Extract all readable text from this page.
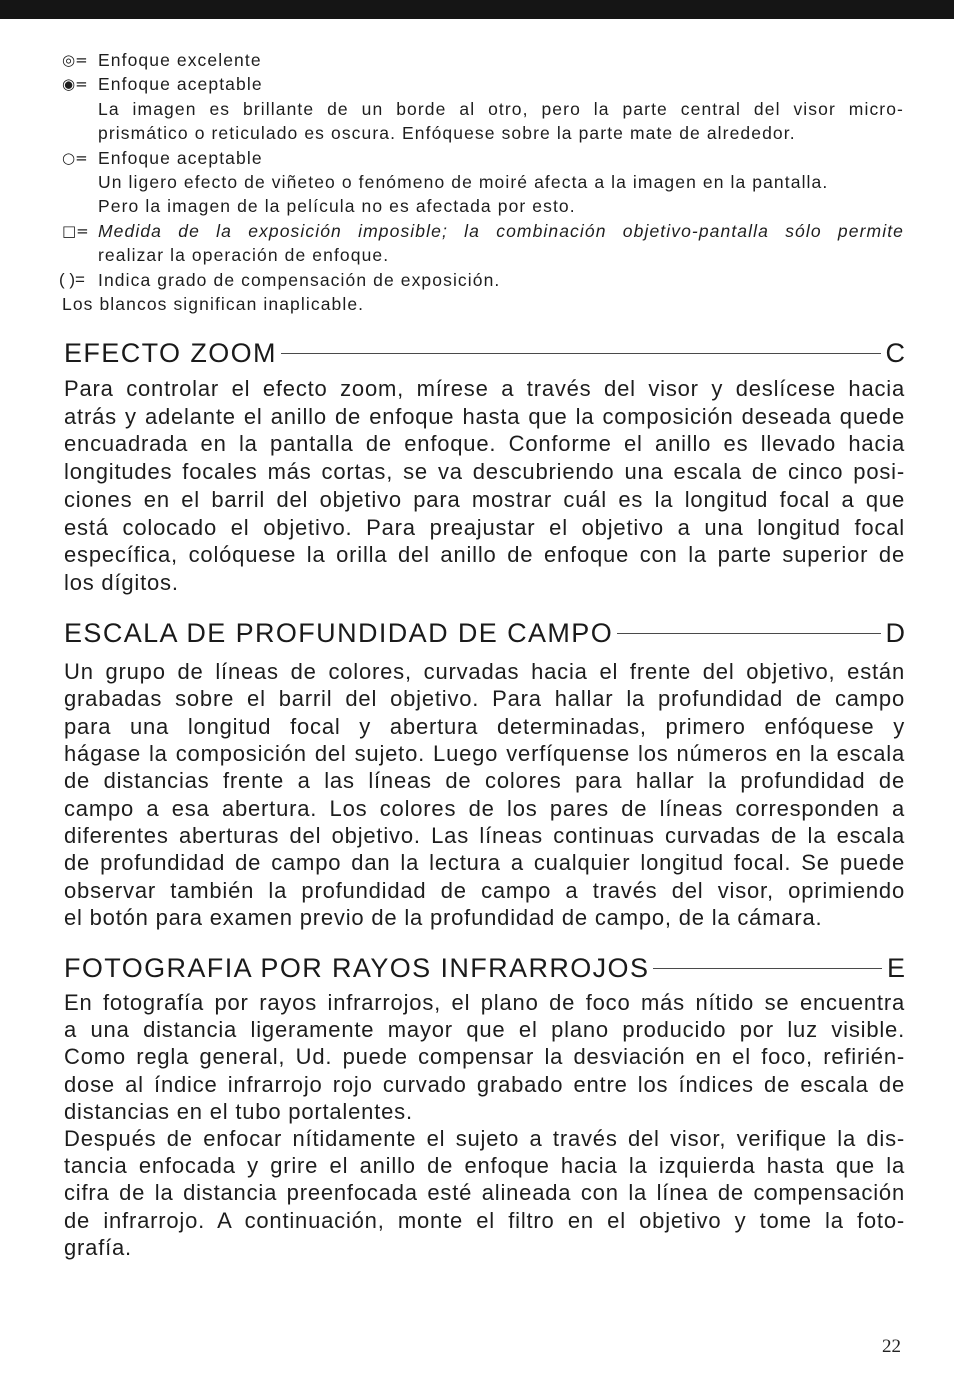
◎= Enfoque excelente
◉= Enfoque aceptable
La imagen es brillante de un borde al otro, pero la parte central del visor micro-
prismático o reticulado es oscura. Enfóquese sobre la parte mate de alrededor.
○= Enfoque aceptable
Un ligero efecto de viñeteo o fenómeno de moiré afecta a la imagen en la pantalla.
Pero la imagen de la película no es afectada por esto.
□= Medida de la exposición imposible; la combinación objetivo-pantalla sólo permite
realizar la operación de enfoque.
( )= Indica grado de compensación de exposición.
Los blancos significan inaplicable.
EFECTO ZOOM	C
Para controlar el efecto zoom, mírese a través del visor y deslícese hacia
atrás y adelante el anillo de enfoque hasta que la composición deseada quede
encuadrada en la pantalla de enfoque. Conforme el anillo es llevado hacia
longitudes focales más cortas, se va descubriendo una escala de cinco posi-
ciones en el barril del objetivo para mostrar cuál es la longitud focal a que
está colocado el objetivo. Para preajustar el objetivo a una longitud focal
específica, colóquese la orilla del anillo de enfoque con la parte superior de
los dígitos.
ESCALA DE PROFUNDIDAD DE CAMPO	D
Un grupo de líneas de colores, curvadas hacia el frente del objetivo, están
grabadas sobre el barril del objetivo. Para hallar la profundidad de campo
para una longitud focal y abertura determinadas, primero enfóquese y
hágase la composición del sujeto. Luego verfíquense los números en la escala
de distancias frente a las líneas de colores para hallar la profundidad de
campo a esa abertura. Los colores de los pares de líneas corresponden a
diferentes aberturas del objetivo. Las líneas continuas curvadas de la escala
de profundidad de campo dan la lectura a cualquier longitud focal. Se puede
observar también la profundidad de campo a través del visor, oprimiendo
el botón para examen previo de la profundidad de campo, de la cámara.
FOTOGRAFIA POR RAYOS INFRARROJOS	E
En fotografía por rayos infrarrojos, el plano de foco más nítido se encuentra
a una distancia ligeramente mayor que el plano producido por luz visible.
Como regla general, Ud. puede compensar la desviación en el foco, refirién-
dose al índice infrarrojo rojo curvado grabado entre los índices de escala de
distancias en el tubo portalentes.
Después de enfocar nítidamente el sujeto a través del visor, verifique la dis-
tancia enfocada y grire el anillo de enfoque hacia la izquierda hasta que la
cifra de la distancia preenfocada esté alineada con la línea de compensación
de infrarrojo. A continuación, monte el filtro en el objetivo y tome la foto-
grafía.
22
